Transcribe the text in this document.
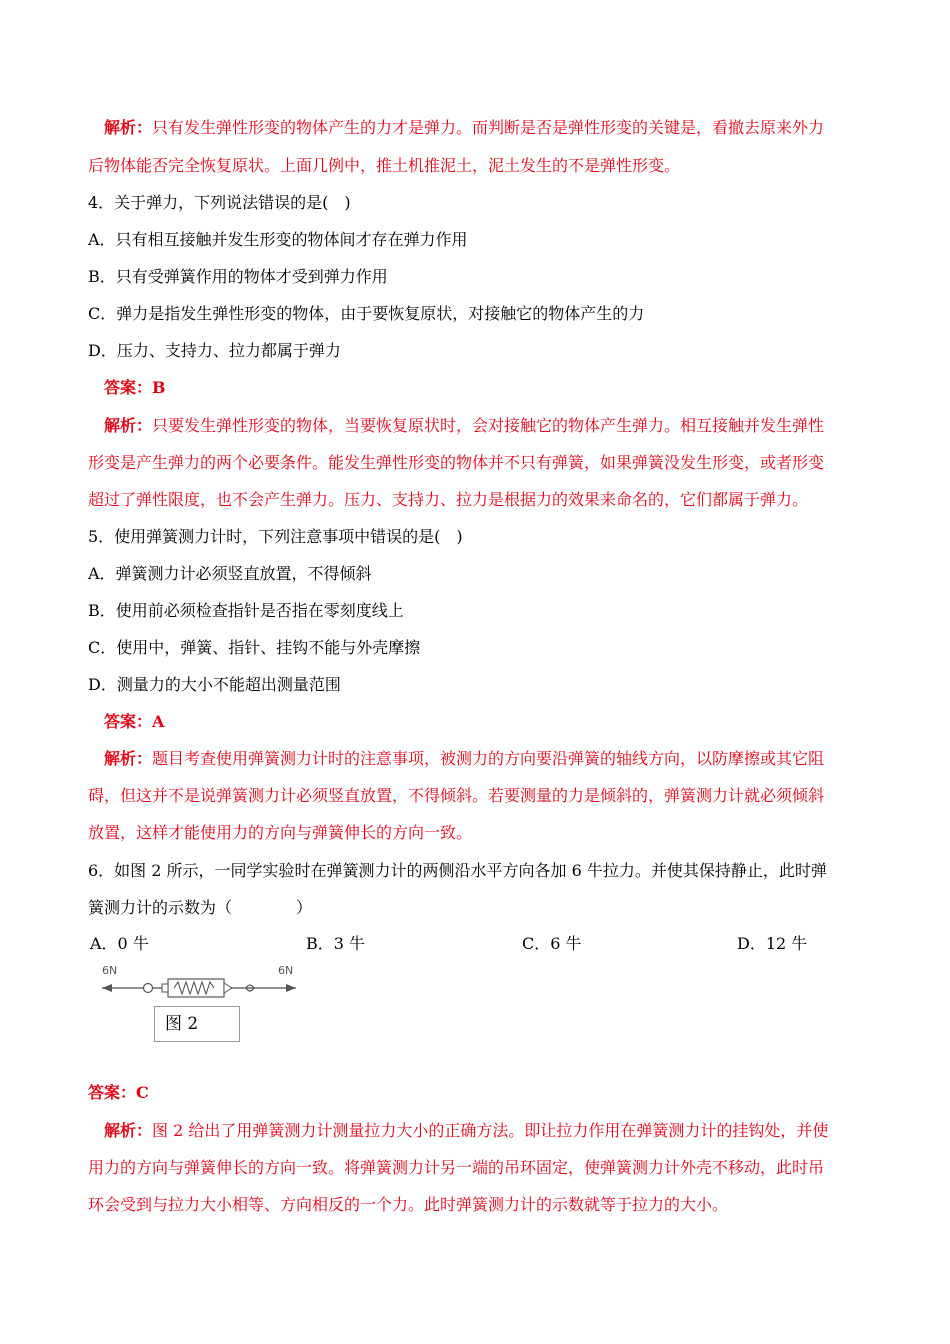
解析：只有发生弹性形变的物体产生的力才是弹力。而判断是否是弹性形变的关键是，看撤去原来外力
后物体能否完全恢复原状。上面几例中，推土机推泥土，泥土发生的不是弹性形变。
4．关于弹力，下列说法错误的是(　)
A．只有相互接触并发生形变的物体间才存在弹力作用
B．只有受弹簧作用的物体才受到弹力作用
C．弹力是指发生弹性形变的物体，由于要恢复原状，对接触它的物体产生的力
D．压力、支持力、拉力都属于弹力
答案：B
解析：只要发生弹性形变的物体，当要恢复原状时，会对接触它的物体产生弹力。相互接触并发生弹性
形变是产生弹力的两个必要条件。能发生弹性形变的物体并不只有弹簧，如果弹簧没发生形变，或者形变
超过了弹性限度，也不会产生弹力。压力、支持力、拉力是根据力的效果来命名的，它们都属于弹力。
5．使用弹簧测力计时，下列注意事项中错误的是(　)
A．弹簧测力计必须竖直放置，不得倾斜
B．使用前必须检查指针是否指在零刻度线上
C．使用中，弹簧、指针、挂钩不能与外壳摩擦
D．测量力的大小不能超出测量范围
答案：A
解析：题目考查使用弹簧测力计时的注意事项，被测力的方向要沿弹簧的轴线方向，以防摩擦或其它阻
碍，但这并不是说弹簧测力计必须竖直放置，不得倾斜。若要测量的力是倾斜的，弹簧测力计就必须倾斜
放置，这样才能使用力的方向与弹簧伸长的方向一致。
6．如图 2 所示，一同学实验时在弹簧测力计的两侧沿水平方向各加 6 牛拉力。并使其保持静止，此时弹
簧测力计的示数为（　　　　）
A．0 牛	B．3 牛	C．6 牛	D．12 牛
6N	6N
图 2
答案：C
解析：图 2 给出了用弹簧测力计测量拉力大小的正确方法。即让拉力作用在弹簧测力计的挂钩处，并使
用力的方向与弹簧伸长的方向一致。将弹簧测力计另一端的吊环固定，使弹簧测力计外壳不移动，此时吊
环会受到与拉力大小相等、方向相反的一个力。此时弹簧测力计的示数就等于拉力的大小。
